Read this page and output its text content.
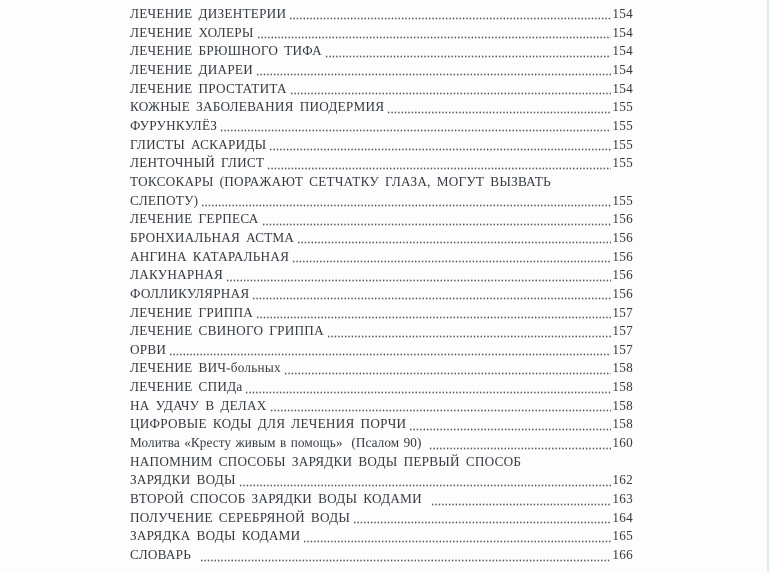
ЛЕЧЕНИЕ ДИЗЕНТЕРИИ	154
ЛЕЧЕНИЕ ХОЛЕРЫ	154
ЛЕЧЕНИЕ БРЮШНОГО ТИФА	154
ЛЕЧЕНИЕ ДИАРЕИ	154
ЛЕЧЕНИЕ ПРОСТАТИТА	154
КОЖНЫЕ ЗАБОЛЕВАНИЯ ПИОДЕРМИЯ	155
ФУРУНКУЛЁЗ	155
ГЛИСТЫ АСКАРИДЫ	155
ЛЕНТОЧНЫЙ ГЛИСТ	155
ТОКСОКАРЫ (ПОРАЖАЮТ СЕТЧАТКУ ГЛАЗА, МОГУТ ВЫЗВАТЬ
СЛЕПОТУ)	155
ЛЕЧЕНИЕ ГЕРПЕСА	156
БРОНХИАЛЬНАЯ АСТМА	156
АНГИНА КАТАРАЛЬНАЯ	156
ЛАКУНАРНАЯ	156
ФОЛЛИКУЛЯРНАЯ	156
ЛЕЧЕНИЕ ГРИППА	157
ЛЕЧЕНИЕ СВИНОГО ГРИППА	157
ОРВИ	157
ЛЕЧЕНИЕ ВИЧ-больных	158
ЛЕЧЕНИЕ СПИДа	158
НА УДАЧУ В ДЕЛАХ	158
ЦИФРОВЫЕ КОДЫ ДЛЯ ЛЕЧЕНИЯ ПОРЧИ	158
Молитва «Кресту живым в помощь»  (Псалом 90)	160
НАПОМНИМ СПОСОБЫ ЗАРЯДКИ ВОДЫ ПЕРВЫЙ СПОСОБ
ЗАРЯДКИ ВОДЫ	162
ВТОРОЙ СПОСОБ ЗАРЯДКИ ВОДЫ КОДАМИ	163
ПОЛУЧЕНИЕ СЕРЕБРЯНОЙ ВОДЫ	164
ЗАРЯДКА ВОДЫ КОДАМИ	165
СЛОВАРЬ	166
